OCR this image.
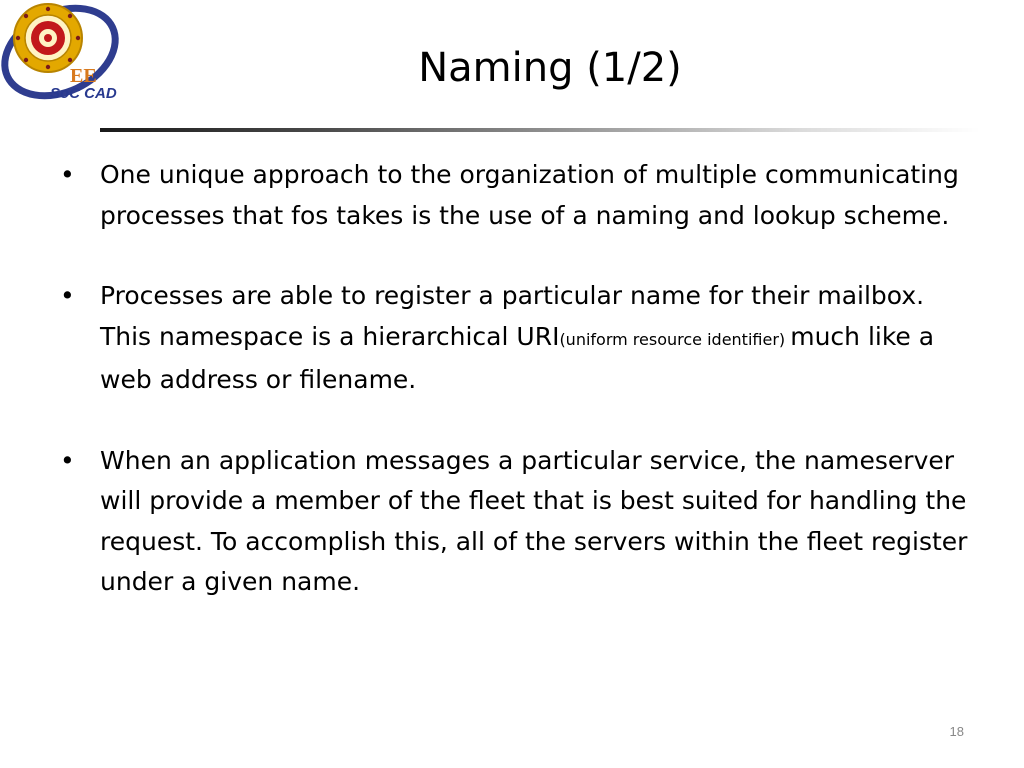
EE
SoC CAD
Naming (1/2)
• One unique approach to the organization of multiple communicating processes that fos takes is the use of a naming and lookup scheme.
• Processes are able to register a particular name for their mailbox. This namespace is a hierarchical URI(uniform resource identifier) much like a web address or filename.
• When an application messages a particular service, the nameserver will provide a member of the fleet that is best suited for handling the request. To accomplish this, all of the servers within the fleet register under a given name.
18
